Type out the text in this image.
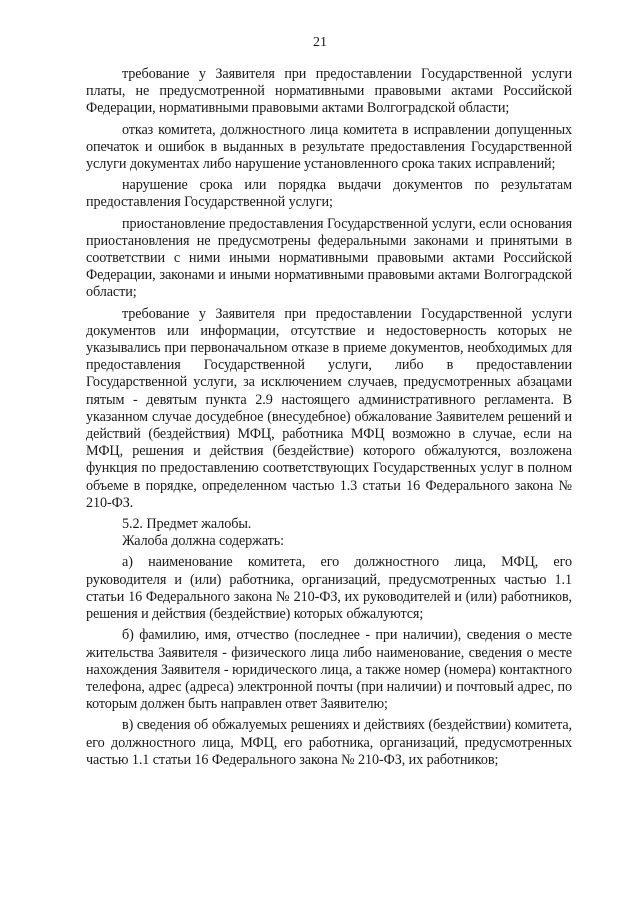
21

требование у Заявителя при предоставлении Государственной услуги платы, не предусмотренной нормативными правовыми актами Российской Федерации, нормативными правовыми актами Волгоградской области;

отказ комитета, должностного лица комитета в исправлении допущенных опечаток и ошибок в выданных в результате предоставления Государственной услуги документах либо нарушение установленного срока таких исправлений;

нарушение срока или порядка выдачи документов по результатам предоставления Государственной услуги;

приостановление предоставления Государственной услуги, если основания приостановления не предусмотрены федеральными законами и принятыми в соответствии с ними иными нормативными правовыми актами Российской Федерации, законами и иными нормативными правовыми актами Волгоградской области;

требование у Заявителя при предоставлении Государственной услуги документов или информации, отсутствие и недостоверность которых не указывались при первоначальном отказе в приеме документов, необходимых для предоставления Государственной услуги, либо в предоставлении Государственной услуги, за исключением случаев, предусмотренных абзацами пятым - девятым пункта 2.9 настоящего административного регламента. В указанном случае досудебное (внесудебное) обжалование Заявителем решений и действий (бездействия) МФЦ, работника МФЦ возможно в случае, если на МФЦ, решения и действия (бездействие) которого обжалуются, возложена функция по предоставлению соответствующих Государственных услуг в полном объеме в порядке, определенном частью 1.3 статьи 16 Федерального закона № 210-ФЗ.

5.2. Предмет жалобы.

Жалоба должна содержать:

а) наименование комитета, его должностного лица, МФЦ, его руководителя и (или) работника, организаций, предусмотренных частью 1.1 статьи 16 Федерального закона № 210-ФЗ, их руководителей и (или) работников, решения и действия (бездействие) которых обжалуются;

б) фамилию, имя, отчество (последнее - при наличии), сведения о месте жительства Заявителя - физического лица либо наименование, сведения о месте нахождения Заявителя - юридического лица, а также номер (номера) контактного телефона, адрес (адреса) электронной почты (при наличии) и почтовый адрес, по которым должен быть направлен ответ Заявителю;

в) сведения об обжалуемых решениях и действиях (бездействии) комитета, его должностного лица, МФЦ, его работника, организаций, предусмотренных частью 1.1 статьи 16 Федерального закона № 210-ФЗ, их работников;
